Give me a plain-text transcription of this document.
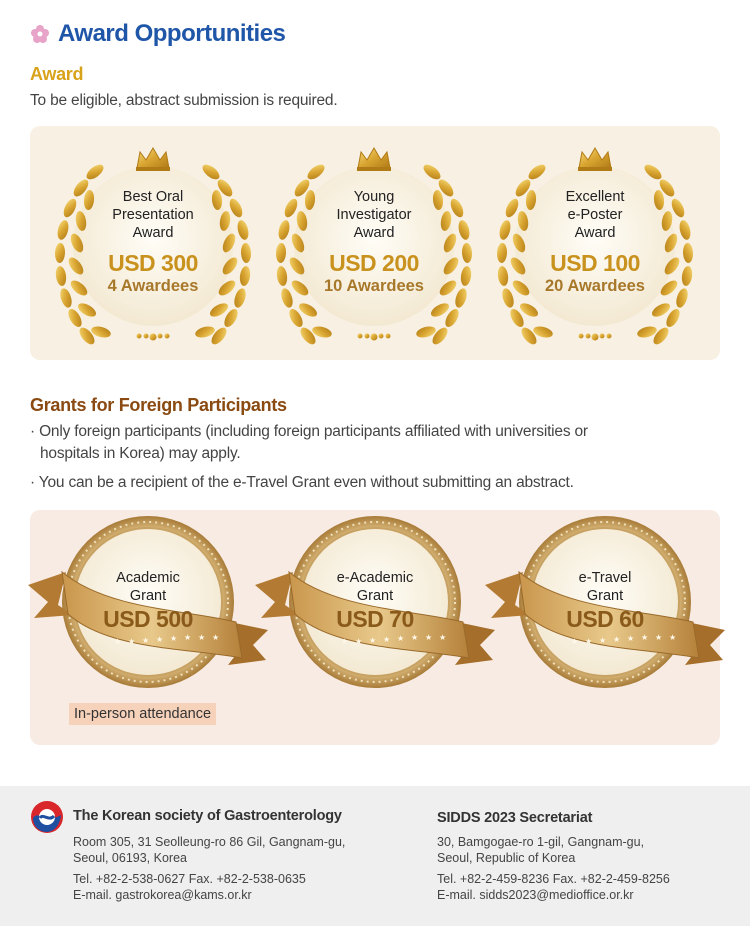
Award Opportunities
Award
To be eligible, abstract submission is required.
Best Oral
Presentation
Award
USD 300
4 Awardees
Young
Investigator
Award
USD 200
10 Awardees
Excellent
e-Poster
Award
USD 100
20 Awardees
Grants for Foreign Participants
· Only foreign participants (including foreign participants affiliated with universities or
hospitals in Korea) may apply.
· You can be a recipient of the e-Travel Grant even without submitting an abstract.
Academic
Grant
USD 500
e-Academic
Grant
USD 70
e-Travel
Grant
USD 60
In-person attendance
The Korean society of Gastroenterology
Room 305, 31 Seolleung-ro 86 Gil, Gangnam-gu,
Seoul, 06193, Korea
Tel. +82-2-538-0627 Fax. +82-2-538-0635
E-mail. gastrokorea@kams.or.kr
SIDDS 2023 Secretariat
30, Bamgogae-ro 1-gil, Gangnam-gu,
Seoul, Republic of Korea
Tel. +82-2-459-8236 Fax. +82-2-459-8256
E-mail. sidds2023@medioffice.or.kr
